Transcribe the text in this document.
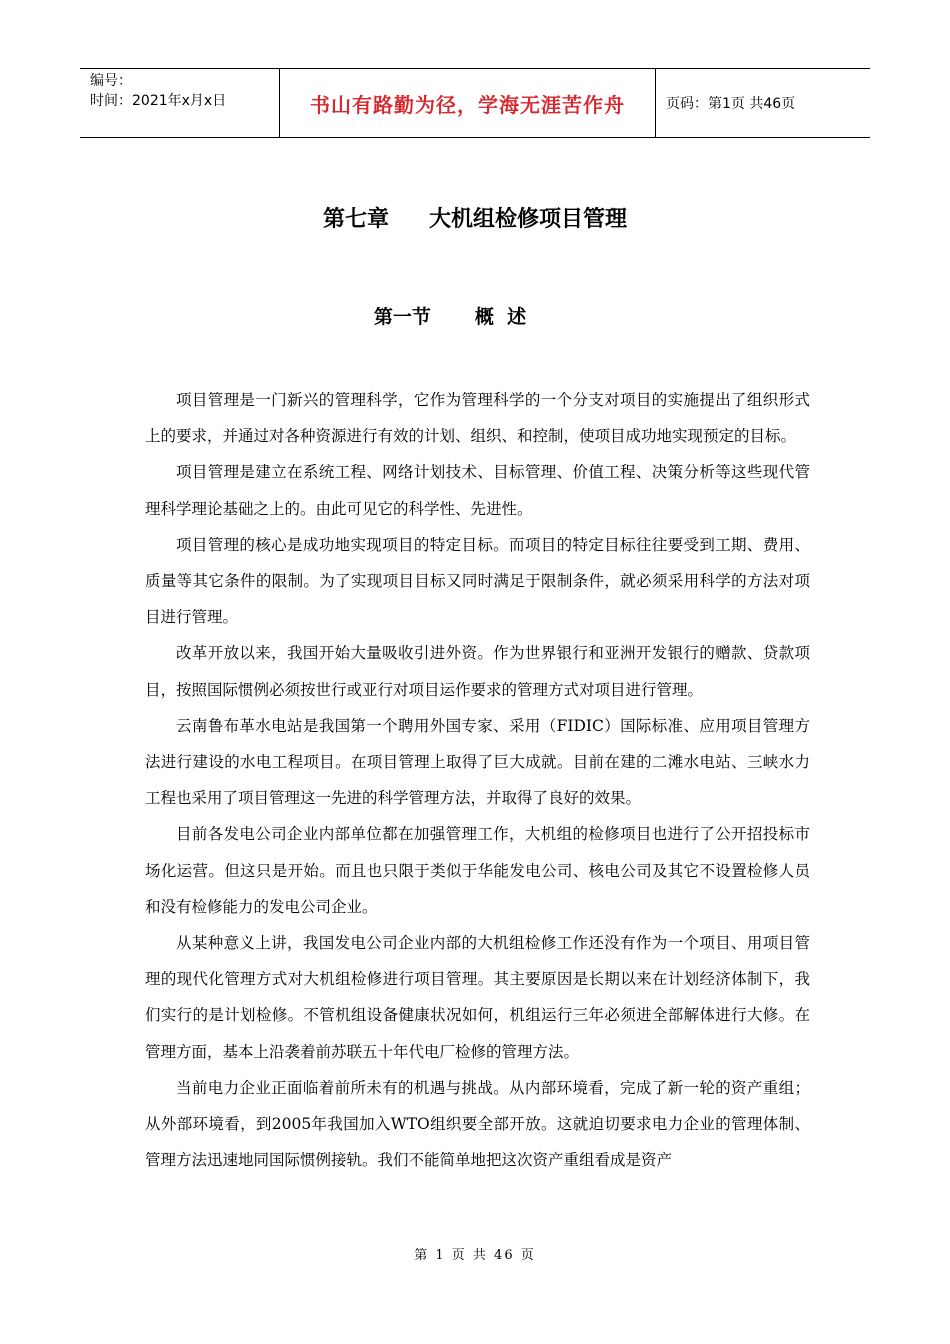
编号：
时间：2021年x月x日	书山有路勤为径，学海无涯苦作舟	页码：第1页 共46页
第七章 大机组检修项目管理
第一节 概  述

项目管理是一门新兴的管理科学，它作为管理科学的一个分支对项目的实施提出了组织形式上的要求，并通过对各种资源进行有效的计划、组织、和控制，使项目成功地实现预定的目标。

项目管理是建立在系统工程、网络计划技术、目标管理、价值工程、决策分析等这些现代管理科学理论基础之上的。由此可见它的科学性、先进性。

项目管理的核心是成功地实现项目的特定目标。而项目的特定目标往往要受到工期、费用、质量等其它条件的限制。为了实现项目目标又同时满足于限制条件，就必须采用科学的方法对项目进行管理。

改革开放以来，我国开始大量吸收引进外资。作为世界银行和亚洲开发银行的赠款、贷款项目，按照国际惯例必须按世行或亚行对项目运作要求的管理方式对项目进行管理。

云南鲁布革水电站是我国第一个聘用外国专家、采用（FIDIC）国际标准、应用项目管理方法进行建设的水电工程项目。在项目管理上取得了巨大成就。目前在建的二滩水电站、三峡水力工程也采用了项目管理这一先进的科学管理方法，并取得了良好的效果。

目前各发电公司企业内部单位都在加强管理工作，大机组的检修项目也进行了公开招投标市场化运营。但这只是开始。而且也只限于类似于华能发电公司、核电公司及其它不设置检修人员和没有检修能力的发电公司企业。

从某种意义上讲，我国发电公司企业内部的大机组检修工作还没有作为一个项目、用项目管理的现代化管理方式对大机组检修进行项目管理。其主要原因是长期以来在计划经济体制下，我们实行的是计划检修。不管机组设备健康状况如何，机组运行三年必须进全部解体进行大修。在管理方面，基本上沿袭着前苏联五十年代电厂检修的管理方法。

当前电力企业正面临着前所未有的机遇与挑战。从内部环境看，完成了新一轮的资产重组；从外部环境看，到2005年我国加入WTO组织要全部开放。这就迫切要求电力企业的管理体制、管理方法迅速地同国际惯例接轨。我们不能简单地把这次资产重组看成是资产

第 1 页 共 46 页
